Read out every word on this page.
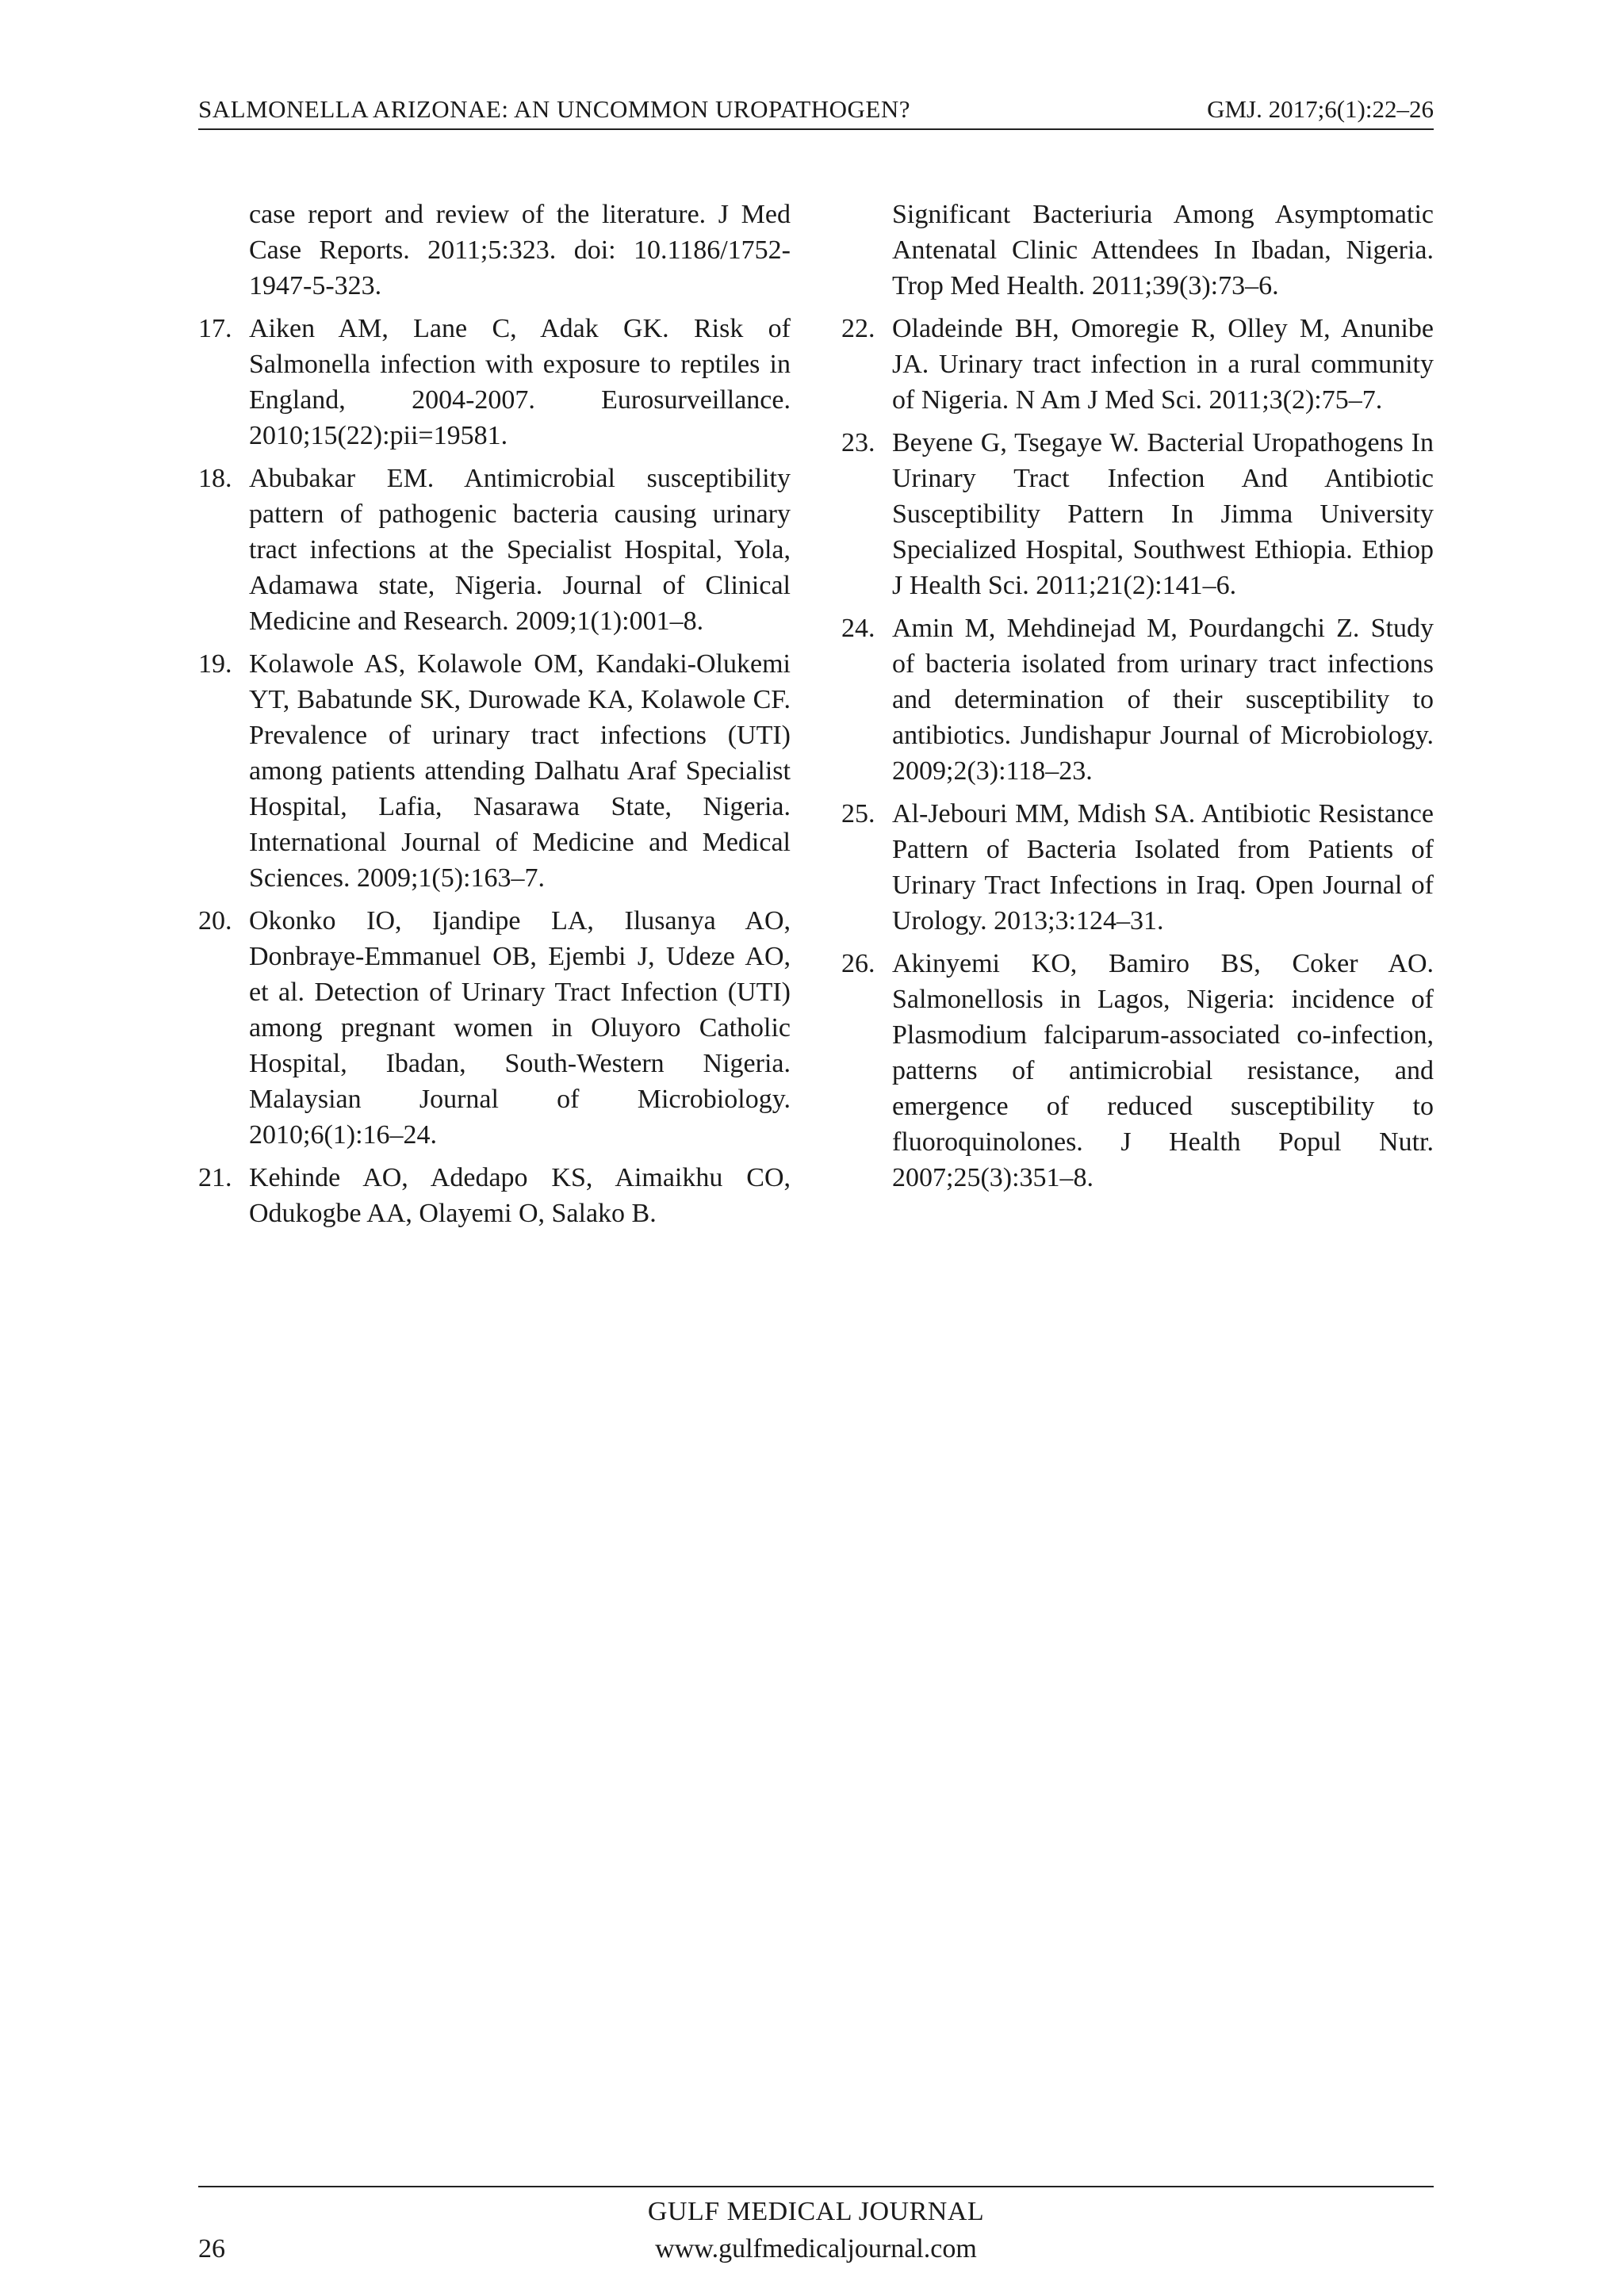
SALMONELLA ARIZONAE: AN UNCOMMON UROPATHOGEN?	GMJ. 2017;6(1):22–26
case report and review of the literature. J Med Case Reports. 2011;5:323. doi: 10.1186/1752-1947-5-323.
17. Aiken AM, Lane C, Adak GK. Risk of Salmonella infection with exposure to reptiles in England, 2004-2007. Eurosurveillance. 2010;15(22):pii=19581.
18. Abubakar EM. Antimicrobial susceptibility pattern of pathogenic bacteria causing urinary tract infections at the Specialist Hospital, Yola, Adamawa state, Nigeria. Journal of Clinical Medicine and Research. 2009;1(1):001–8.
19. Kolawole AS, Kolawole OM, Kandaki-Olukemi YT, Babatunde SK, Durowade KA, Kolawole CF. Prevalence of urinary tract infections (UTI) among patients attending Dalhatu Araf Specialist Hospital, Lafia, Nasarawa State, Nigeria. International Journal of Medicine and Medical Sciences. 2009;1(5):163–7.
20. Okonko IO, Ijandipe LA, Ilusanya AO, Donbraye-Emmanuel OB, Ejembi J, Udeze AO, et al. Detection of Urinary Tract Infection (UTI) among pregnant women in Oluyoro Catholic Hospital, Ibadan, South-Western Nigeria. Malaysian Journal of Microbiology. 2010;6(1):16–24.
21. Kehinde AO, Adedapo KS, Aimaikhu CO, Odukogbe AA, Olayemi O, Salako B.
Significant Bacteriuria Among Asymptomatic Antenatal Clinic Attendees In Ibadan, Nigeria. Trop Med Health. 2011;39(3):73–6.
22. Oladeinde BH, Omoregie R, Olley M, Anunibe JA. Urinary tract infection in a rural community of Nigeria. N Am J Med Sci. 2011;3(2):75–7.
23. Beyene G, Tsegaye W. Bacterial Uropathogens In Urinary Tract Infection And Antibiotic Susceptibility Pattern In Jimma University Specialized Hospital, Southwest Ethiopia. Ethiop J Health Sci. 2011;21(2):141–6.
24. Amin M, Mehdinejad M, Pourdangchi Z. Study of bacteria isolated from urinary tract infections and determination of their susceptibility to antibiotics. Jundishapur Journal of Microbiology. 2009;2(3):118–23.
25. Al-Jebouri MM, Mdish SA. Antibiotic Resistance Pattern of Bacteria Isolated from Patients of Urinary Tract Infections in Iraq. Open Journal of Urology. 2013;3:124–31.
26. Akinyemi KO, Bamiro BS, Coker AO. Salmonellosis in Lagos, Nigeria: incidence of Plasmodium falciparum-associated co-infection, patterns of antimicrobial resistance, and emergence of reduced susceptibility to fluoroquinolones. J Health Popul Nutr. 2007;25(3):351–8.
GULF MEDICAL JOURNAL
www.gulfmedicaljournal.com
26
